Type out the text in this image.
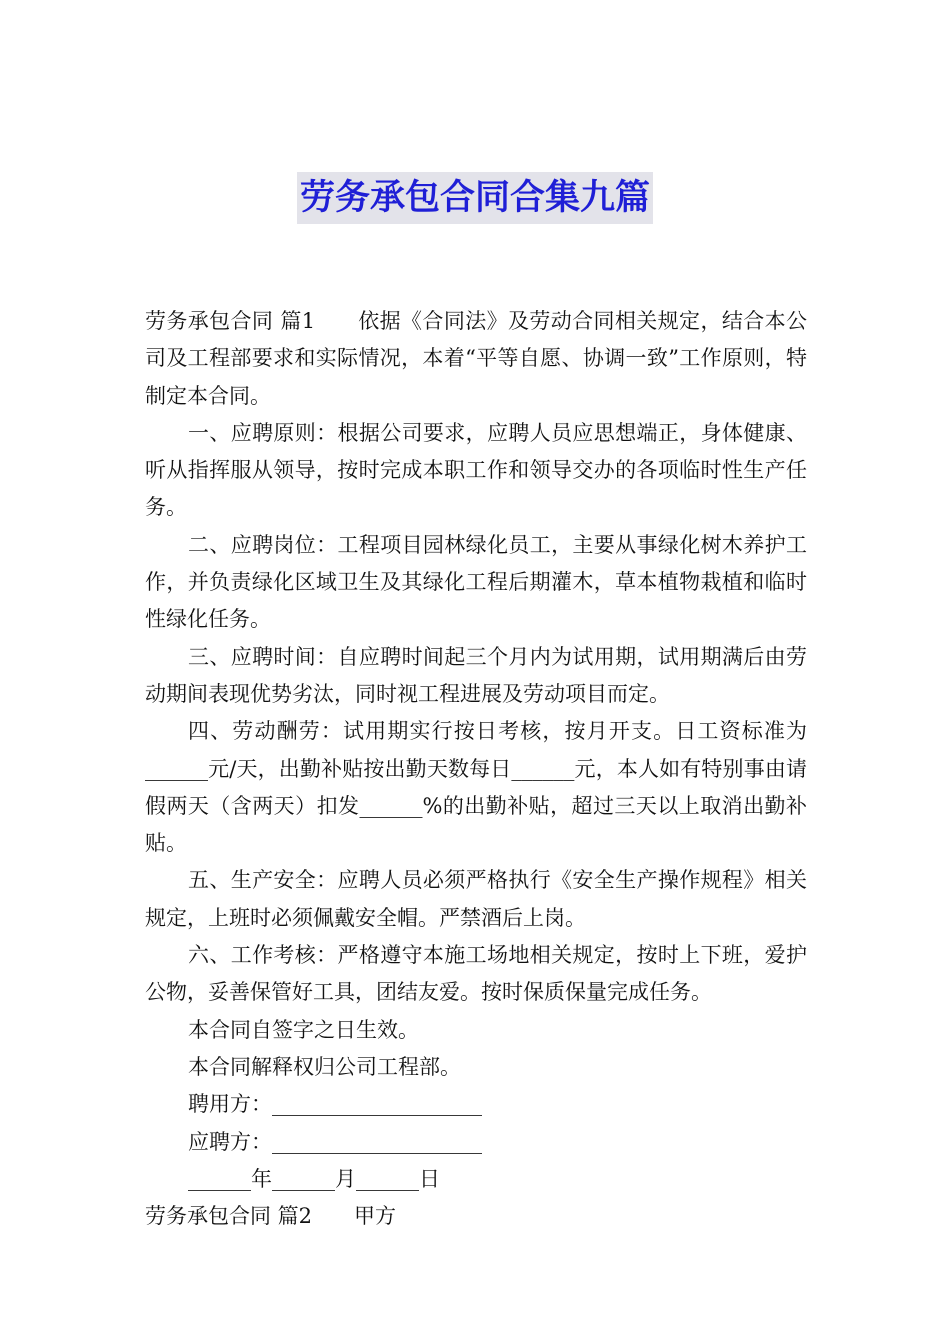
劳务承包合同合集九篇

劳务承包合同 篇1　　依据《合同法》及劳动合同相关规定，结合本公司及工程部要求和实际情况，本着“平等自愿、协调一致”工作原则，特制定本合同。

一、应聘原则：根据公司要求，应聘人员应思想端正，身体健康、听从指挥服从领导，按时完成本职工作和领导交办的各项临时性生产任务。

二、应聘岗位：工程项目园林绿化员工，主要从事绿化树木养护工作，并负责绿化区域卫生及其绿化工程后期灌木，草本植物栽植和临时性绿化任务。

三、应聘时间：自应聘时间起三个月内为试用期，试用期满后由劳动期间表现优势劣汰，同时视工程进展及劳动项目而定。

四、劳动酬劳：试用期实行按日考核，按月开支。日工资标准为______元/天，出勤补贴按出勤天数每日______元，本人如有特别事由请假两天（含两天）扣发______%的出勤补贴，超过三天以上取消出勤补贴。

五、生产安全：应聘人员必须严格执行《安全生产操作规程》相关规定，上班时必须佩戴安全帽。严禁酒后上岗。

六、工作考核：严格遵守本施工场地相关规定，按时上下班，爱护公物，妥善保管好工具，团结友爱。按时保质保量完成任务。

本合同自签字之日生效。

本合同解释权归公司工程部。

聘用方：____________________

应聘方：____________________

______年______月______日

劳务承包合同 篇2　　甲方
